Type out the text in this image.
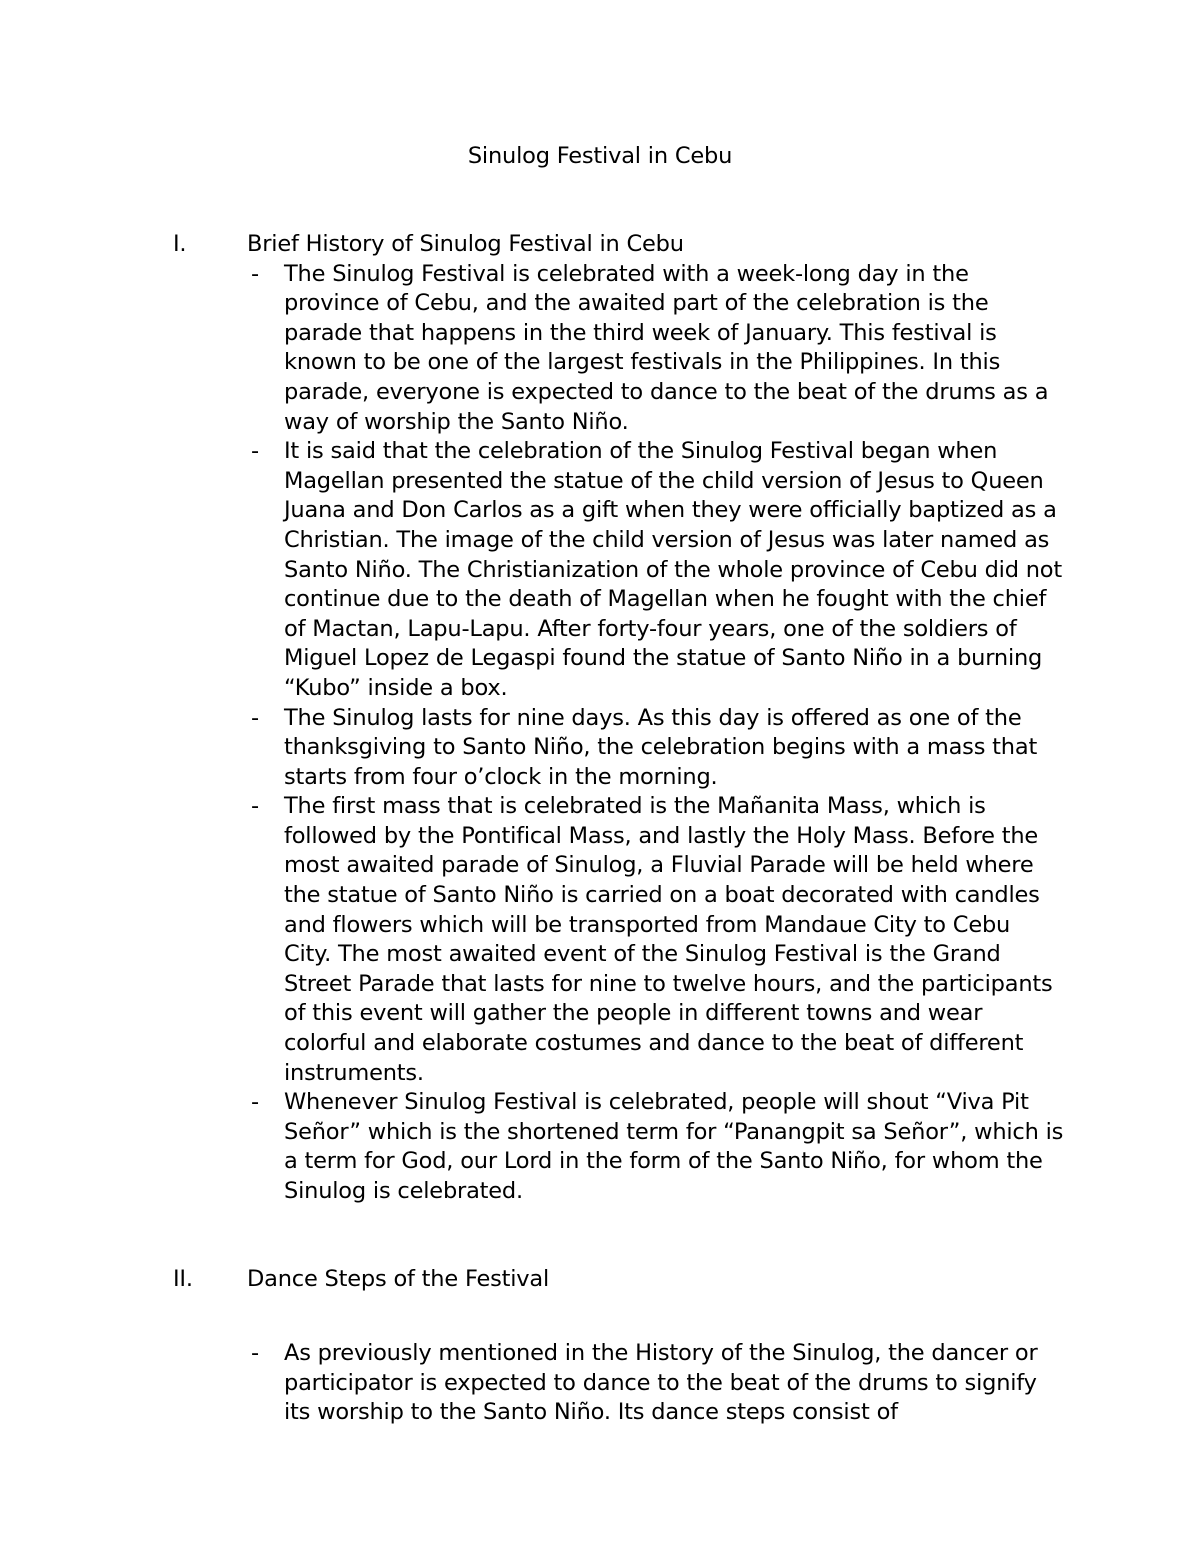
Sinulog Festival in Cebu
I.	Brief History of Sinulog Festival in Cebu
- The Sinulog Festival is celebrated with a week-long day in the province of Cebu, and the awaited part of the celebration is the parade that happens in the third week of January. This festival is known to be one of the largest festivals in the Philippines. In this parade, everyone is expected to dance to the beat of the drums as a way of worship the Santo Niño.
- It is said that the celebration of the Sinulog Festival began when Magellan presented the statue of the child version of Jesus to Queen Juana and Don Carlos as a gift when they were officially baptized as a Christian. The image of the child version of Jesus was later named as Santo Niño. The Christianization of the whole province of Cebu did not continue due to the death of Magellan when he fought with the chief of Mactan, Lapu-Lapu. After forty-four years, one of the soldiers of Miguel Lopez de Legaspi found the statue of Santo Niño in a burning “Kubo” inside a box.
- The Sinulog lasts for nine days. As this day is offered as one of the thanksgiving to Santo Niño, the celebration begins with a mass that starts from four o’clock in the morning.
- The first mass that is celebrated is the Mañanita Mass, which is followed by the Pontifical Mass, and lastly the Holy Mass. Before the most awaited parade of Sinulog, a Fluvial Parade will be held where the statue of Santo Niño is carried on a boat decorated with candles and flowers which will be transported from Mandaue City to Cebu City. The most awaited event of the Sinulog Festival is the Grand Street Parade that lasts for nine to twelve hours, and the participants of this event will gather the people in different towns and wear colorful and elaborate costumes and dance to the beat of different instruments.
- Whenever Sinulog Festival is celebrated, people will shout “Viva Pit Señor” which is the shortened term for “Panangpit sa Señor”, which is a term for God, our Lord in the form of the Santo Niño, for whom the Sinulog is celebrated.
II. Dance Steps of the Festival
- As previously mentioned in the History of the Sinulog, the dancer or participator is expected to dance to the beat of the drums to signify its worship to the Santo Niño. Its dance steps consist of
